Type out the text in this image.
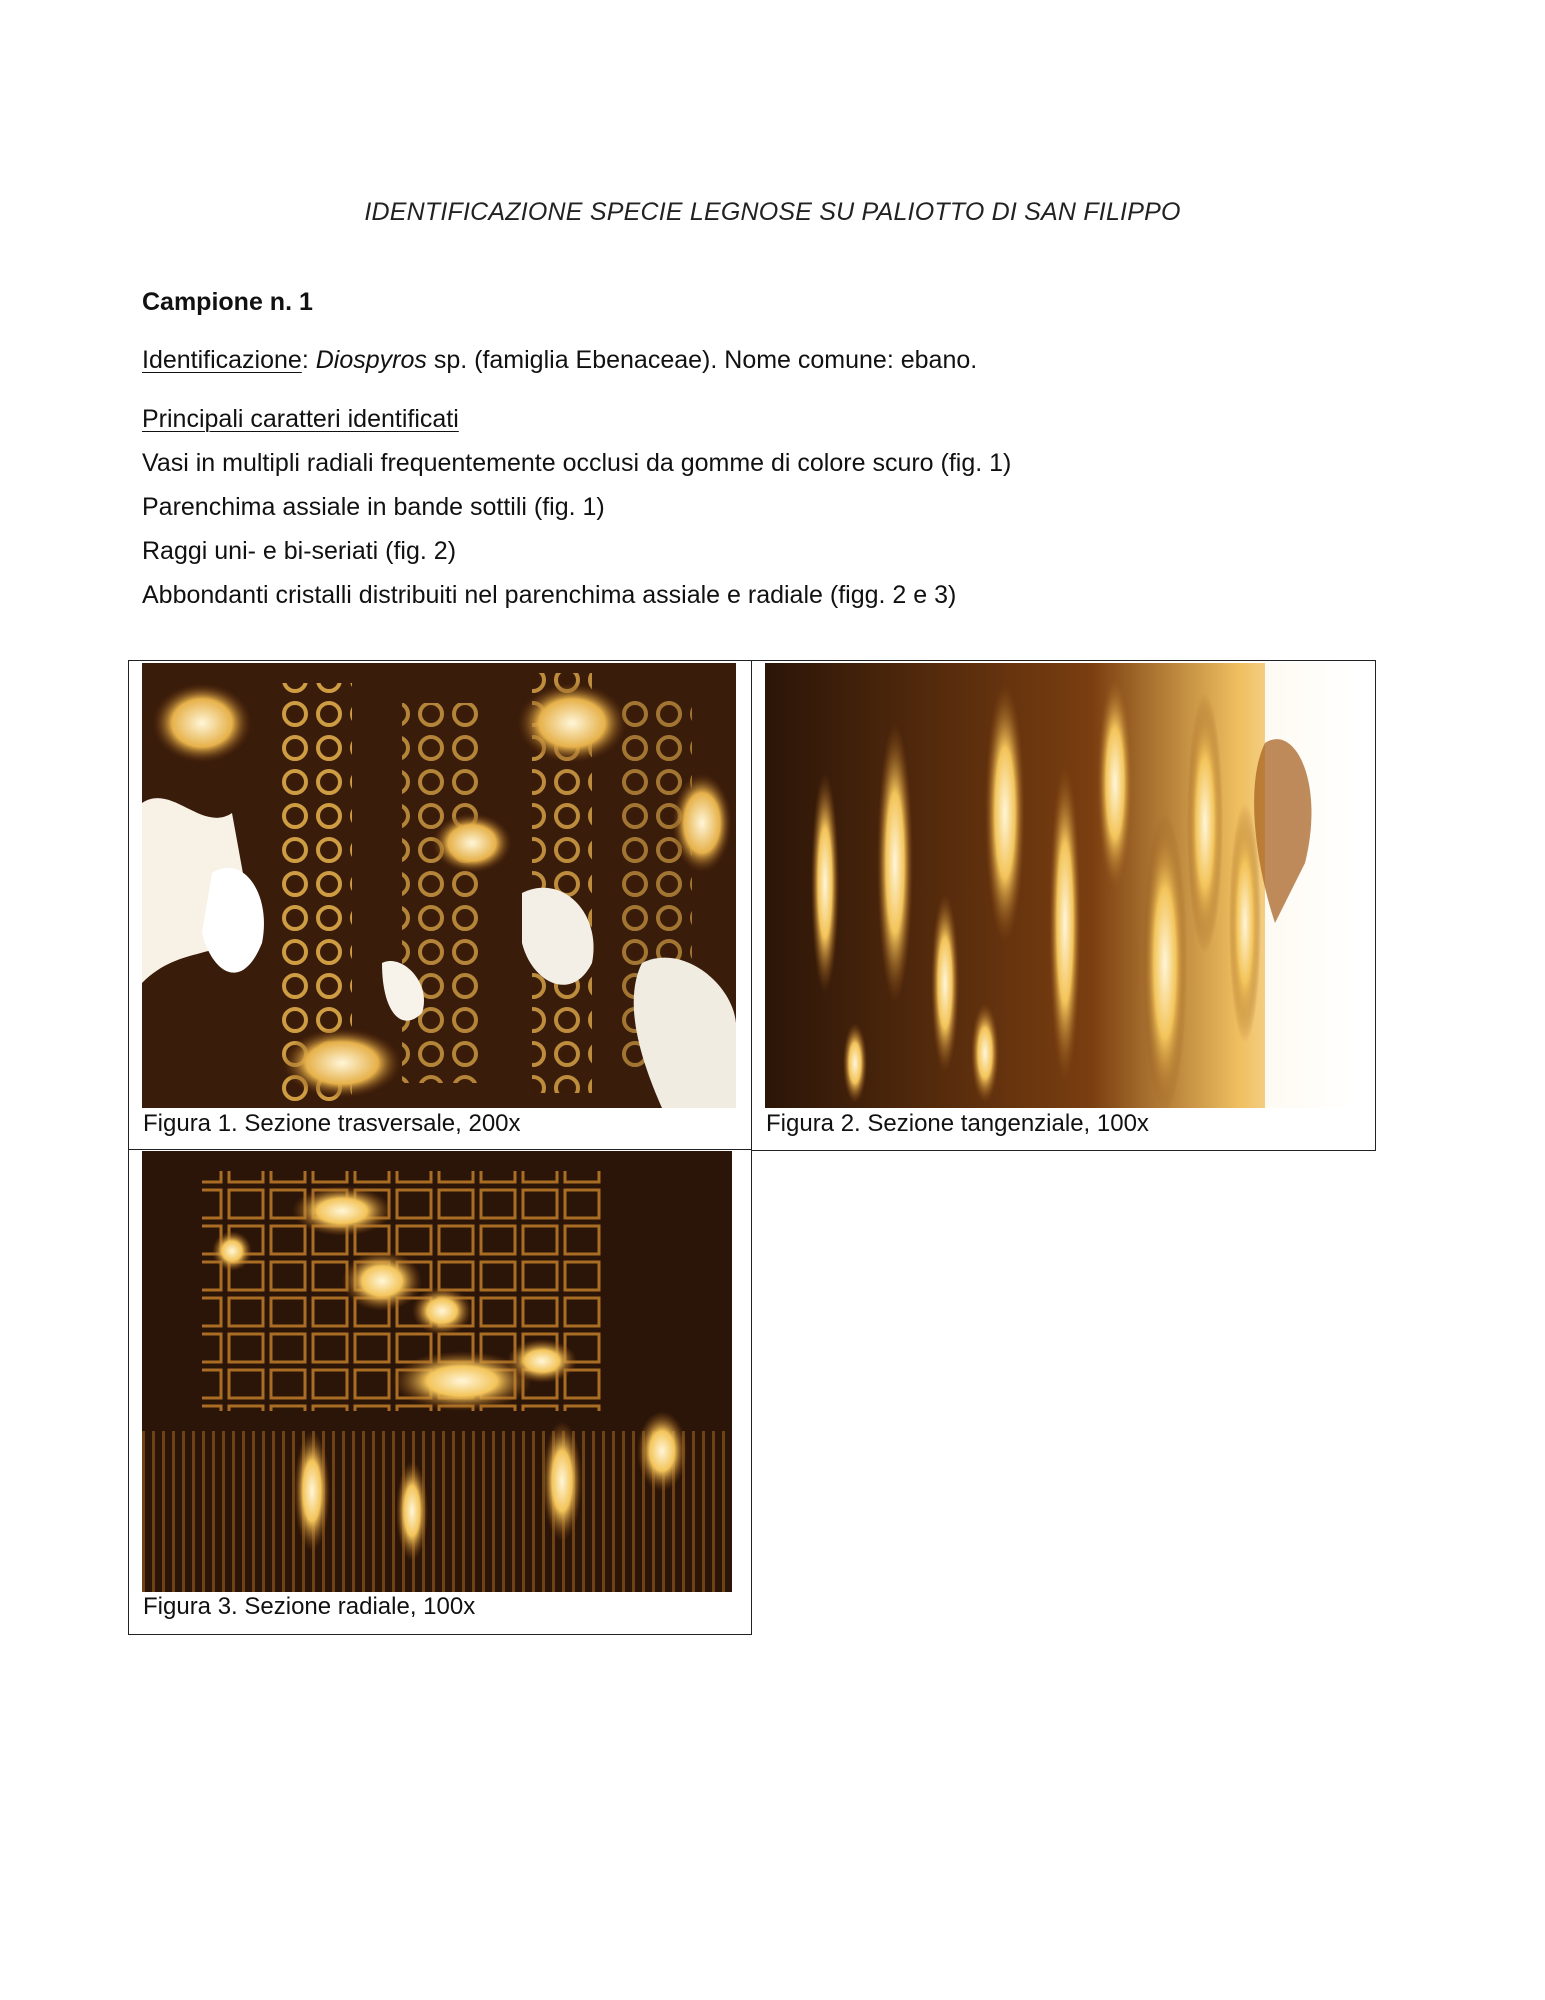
IDENTIFICAZIONE SPECIE LEGNOSE SU PALIOTTO DI SAN FILIPPO
Campione n. 1
Identificazione: Diospyros sp. (famiglia Ebenaceae). Nome comune: ebano.
Principali caratteri identificati
Vasi in multipli radiali frequentemente occlusi da gomme di colore scuro (fig. 1)
Parenchima assiale in bande sottili (fig. 1)
Raggi uni- e bi-seriati (fig. 2)
Abbondanti cristalli distribuiti nel parenchima assiale e radiale (figg. 2 e 3)
Figura 1. Sezione trasversale, 200x	Figura 2. Sezione tangenziale, 100x
Figura 3. Sezione radiale, 100x
